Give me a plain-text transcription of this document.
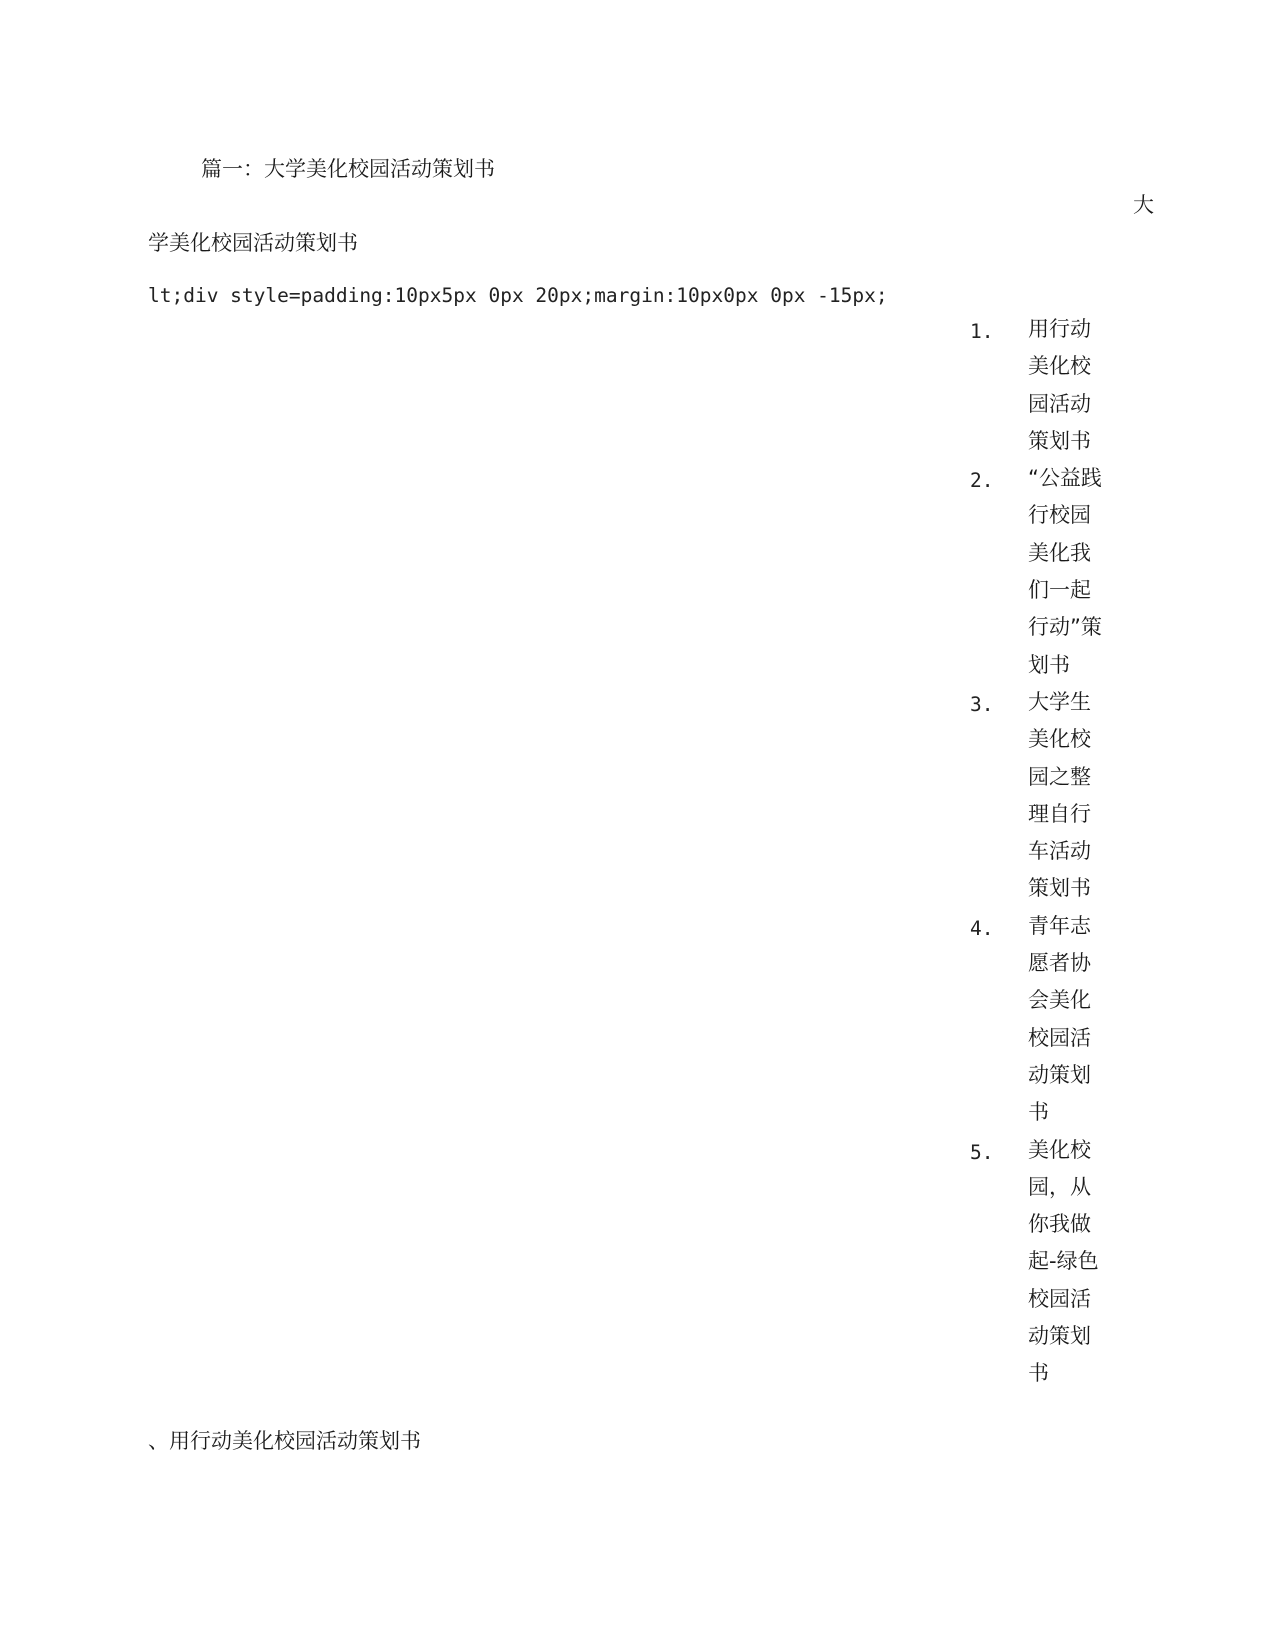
篇一：大学美化校园活动策划书
大
学美化校园活动策划书
lt;div style=padding:10px5px 0px 20px;margin:10px0px 0px -15px;
1. 用行动美化校园活动策划书
2. “公益践行校园美化我们一起行动”策划书
3. 大学生美化校园之整理自行车活动策划书
4. 青年志愿者协会美化校园活动策划书
5. 美化校园，从你我做起-绿色校园活动策划书
、用行动美化校园活动策划书
